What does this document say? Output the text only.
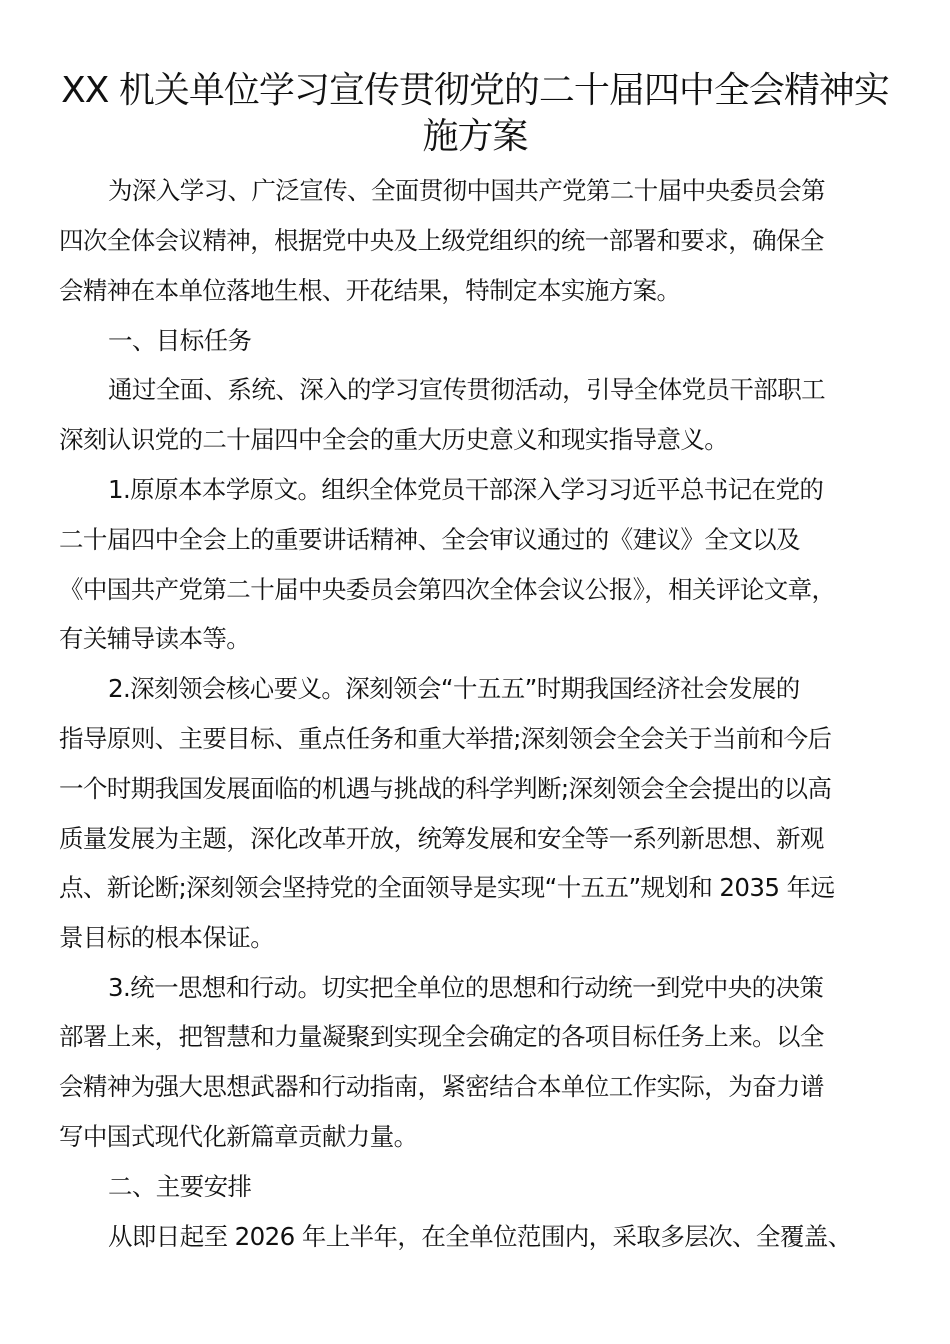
XX 机关单位学习宣传贯彻党的二十届四中全会精神实
施方案
为深入学习、广泛宣传、全面贯彻中国共产党第二十届中央委员会第
四次全体会议精神，根据党中央及上级党组织的统一部署和要求，确保全
会精神在本单位落地生根、开花结果，特制定本实施方案。
一、目标任务
通过全面、系统、深入的学习宣传贯彻活动，引导全体党员干部职工
深刻认识党的二十届四中全会的重大历史意义和现实指导意义。
1.原原本本学原文。组织全体党员干部深入学习习近平总书记在党的
二十届四中全会上的重要讲话精神、全会审议通过的《建议》全文以及
《中国共产党第二十届中央委员会第四次全体会议公报》，相关评论文章，
有关辅导读本等。
2.深刻领会核心要义。深刻领会“十五五”时期我国经济社会发展的
指导原则、主要目标、重点任务和重大举措;深刻领会全会关于当前和今后
一个时期我国发展面临的机遇与挑战的科学判断;深刻领会全会提出的以高
质量发展为主题，深化改革开放，统筹发展和安全等一系列新思想、新观
点、新论断;深刻领会坚持党的全面领导是实现“十五五”规划和 2035 年远
景目标的根本保证。
3.统一思想和行动。切实把全单位的思想和行动统一到党中央的决策
部署上来，把智慧和力量凝聚到实现全会确定的各项目标任务上来。以全
会精神为强大思想武器和行动指南，紧密结合本单位工作实际，为奋力谱
写中国式现代化新篇章贡献力量。
二、主要安排
从即日起至 2026 年上半年，在全单位范围内，采取多层次、全覆盖、
